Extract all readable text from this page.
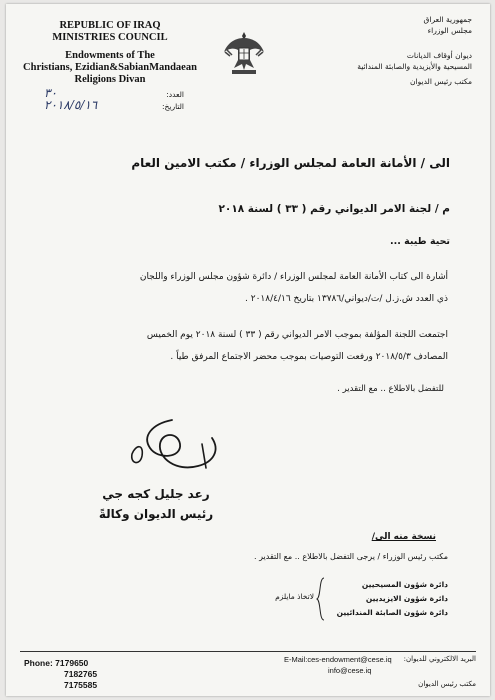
REPUBLIC OF IRAQ
MINISTRIES COUNCIL
Endowments of The
Christians, Ezidian&SabianMandaean
Religions Divan
جمهورية العراق
مجلس الوزراء
ديوان أوقاف الديانات
المسيحية والأيزيدية والصابئة المندائية
مكتب رئيس الديوان
العدد:
٣٠
التاريخ:
٢٠١٨/٥/١٦
الى / الأمانة العامة لمجلس الوزراء / مكتب الامين العام
م / لجنة الامر الديواني رقم ( ٣٣ ) لسنة ٢٠١٨
تحية طيبة ...
أشارة الى كتاب الأمانة العامة لمجلس الوزراء / دائرة شؤون مجلس الوزراء واللجان
ذي العدد ش.ز.ل /ت/ديواني/١٣٧٨٦ بتاريخ ٢٠١٨/٤/١٦ .
اجتمعت اللجنة المؤلفة بموجب الامر الديواني رقم ( ٣٣ ) لسنة ٢٠١٨ يوم الخميس
المصادف ٢٠١٨/٥/٣ ورفعت التوصيات بموجب محضر الاجتماع المرفق طياً .
للتفضل بالاطلاع .. مع التقدير .
رعد جليل كجه جي
رئيس الديوان وكالةً
نسخة منه الى/
مكتب رئيس الوزراء / يرجى التفضل بالاطلاع .. مع التقدير .
دائرة شؤون المسيحيين
دائرة شؤون الايزيديين
دائرة شؤون الصابئة المندائيين
لاتخاذ مايلزم
Phone: 7179650
7182765
7175585
E-Mail:ces-endowment@cese.iq
info@cese.iq
البريد الالكتروني للديوان:
مكتب رئيس الديوان
